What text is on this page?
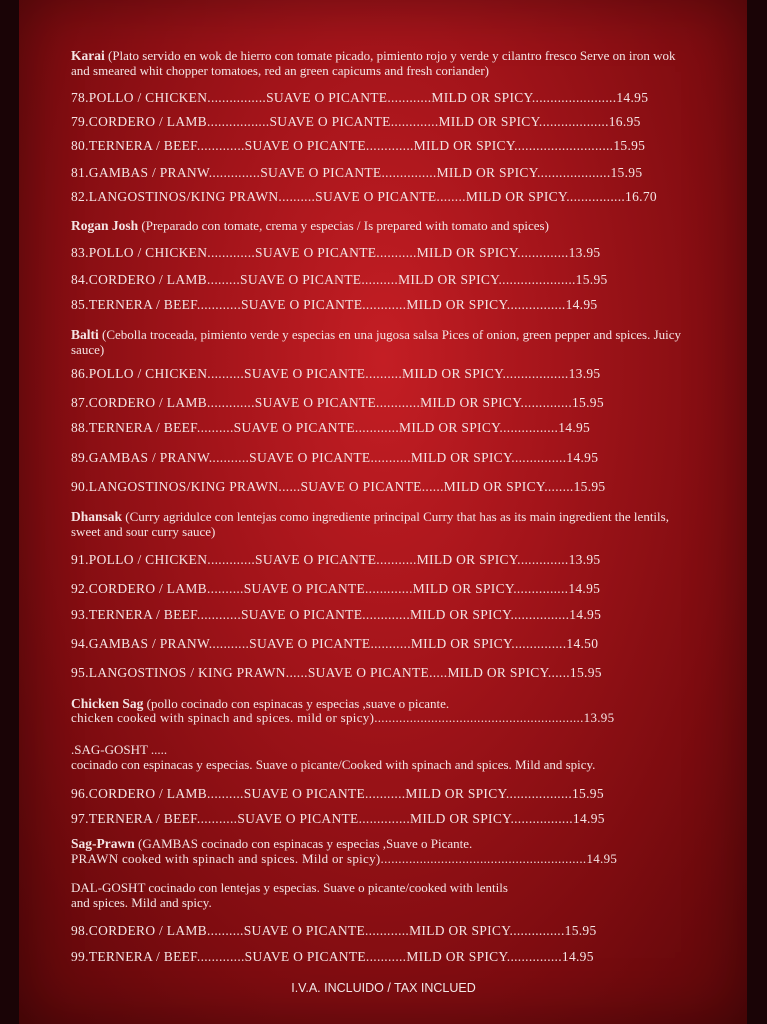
Karai (Plato servido en wok de hierro con tomate picado, pimiento rojo y verde y cilantro fresco Serve on iron wok and smeared whit chopper tomatoes, red an green capicums and fresh coriander)
78.POLLO / CHICKEN................SUAVE O PICANTE............MILD OR SPICY.......................14.95
79.CORDERO / LAMB.................SUAVE O PICANTE.............MILD OR SPICY...................16.95
80.TERNERA / BEEF.............SUAVE O PICANTE.............MILD OR SPICY...........................15.95
81.GAMBAS / PRANW..............SUAVE O PICANTE...............MILD OR SPICY....................15.95
82.LANGOSTINOS/KING PRAWN..........SUAVE O PICANTE........MILD OR SPICY................16.70
Rogan Josh (Preparado con tomate, crema y especias / Is prepared with tomato and spices)
83.POLLO / CHICKEN.............SUAVE O PICANTE...........MILD OR SPICY..............13.95
84.CORDERO / LAMB.........SUAVE O PICANTE..........MILD OR SPICY.....................15.95
85.TERNERA / BEEF............SUAVE O PICANTE............MILD OR SPICY................14.95
Balti (Cebolla troceada, pimiento verde y especias en una jugosa salsa Pices of onion, green pepper and spices. Juicy sauce)
86.POLLO / CHICKEN..........SUAVE O PICANTE..........MILD OR SPICY..................13.95
87.CORDERO / LAMB.............SUAVE O PICANTE............MILD OR SPICY..............15.95
88.TERNERA / BEEF..........SUAVE O PICANTE............MILD OR SPICY................14.95
89.GAMBAS / PRANW...........SUAVE O PICANTE...........MILD OR SPICY...............14.95
90.LANGOSTINOS/KING PRAWN......SUAVE O PICANTE......MILD OR SPICY........15.95
Dhansak (Curry agridulce con lentejas como ingrediente principal Curry that has as its main ingredient the lentils, sweet and sour curry sauce)
91.POLLO / CHICKEN.............SUAVE O PICANTE...........MILD OR SPICY..............13.95
92.CORDERO / LAMB..........SUAVE O PICANTE.............MILD OR SPICY...............14.95
93.TERNERA / BEEF............SUAVE O PICANTE.............MILD OR SPICY................14.95
94.GAMBAS / PRANW...........SUAVE O PICANTE...........MILD OR SPICY...............14.50
95.LANGOSTINOS / KING PRAWN......SUAVE O PICANTE.....MILD OR SPICY......15.95
Chicken Sag (pollo cocinado con espinacas y especias ,suave o picante.
chicken cooked with spinach and spices. mild or spicy)...........................................................13.95
.SAG-GOSHT .....
cocinado con espinacas y especias. Suave o picante/Cooked with spinach and spices. Mild and spicy.
96.CORDERO / LAMB..........SUAVE O PICANTE...........MILD OR SPICY..................15.95
97.TERNERA / BEEF...........SUAVE O PICANTE..............MILD OR SPICY.................14.95
Sag-Prawn (GAMBAS cocinado con espinacas y especias ,Suave o Picante.
PRAWN cooked with spinach and spices. Mild or spicy)..........................................................14.95
DAL-GOSHT cocinado con lentejas y especias. Suave o picante/cooked with lentils
and spices. Mild and spicy.
98.CORDERO / LAMB..........SUAVE O PICANTE............MILD OR SPICY...............15.95
99.TERNERA / BEEF.............SUAVE O PICANTE...........MILD OR SPICY...............14.95
I.V.A. INCLUIDO / TAX INCLUED
